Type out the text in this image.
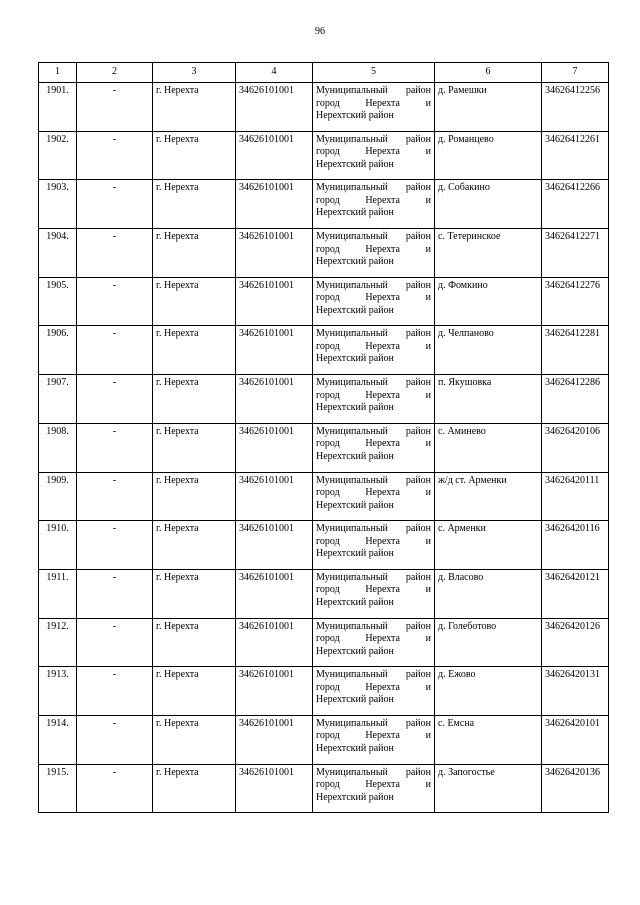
96
1	2	3	4	5	6	7
1901.	-	г. Нерехта	34626101001	Муниципальный район
город Нерехта и
Нерехтский район	д. Рамешки	34626412256
1902.	-	г. Нерехта	34626101001	Муниципальный район
город Нерехта и
Нерехтский район	д. Романцево	34626412261
1903.	-	г. Нерехта	34626101001	Муниципальный район
город Нерехта и
Нерехтский район	д. Собакино	34626412266
1904.	-	г. Нерехта	34626101001	Муниципальный район
город Нерехта и
Нерехтский район	с. Тетеринское	34626412271
1905.	-	г. Нерехта	34626101001	Муниципальный район
город Нерехта и
Нерехтский район	д. Фомкино	34626412276
1906.	-	г. Нерехта	34626101001	Муниципальный район
город Нерехта и
Нерехтский район	д. Челпаново	34626412281
1907.	-	г. Нерехта	34626101001	Муниципальный район
город Нерехта и
Нерехтский район	п. Якушовка	34626412286
1908.	-	г. Нерехта	34626101001	Муниципальный район
город Нерехта и
Нерехтский район	с. Аминево	34626420106
1909.	-	г. Нерехта	34626101001	Муниципальный район
город Нерехта и
Нерехтский район	ж/д ст. Арменки	34626420111
1910.	-	г. Нерехта	34626101001	Муниципальный район
город Нерехта и
Нерехтский район	с. Арменки	34626420116
1911.	-	г. Нерехта	34626101001	Муниципальный район
город Нерехта и
Нерехтский район	д. Власово	34626420121
1912.	-	г. Нерехта	34626101001	Муниципальный район
город Нерехта и
Нерехтский район	д. Голеботово	34626420126
1913.	-	г. Нерехта	34626101001	Муниципальный район
город Нерехта и
Нерехтский район	д. Ежово	34626420131
1914.	-	г. Нерехта	34626101001	Муниципальный район
город Нерехта и
Нерехтский район	с. Емсна	34626420101
1915.	-	г. Нерехта	34626101001	Муниципальный район
город Нерехта и
Нерехтский район	д. Запогостье	34626420136
